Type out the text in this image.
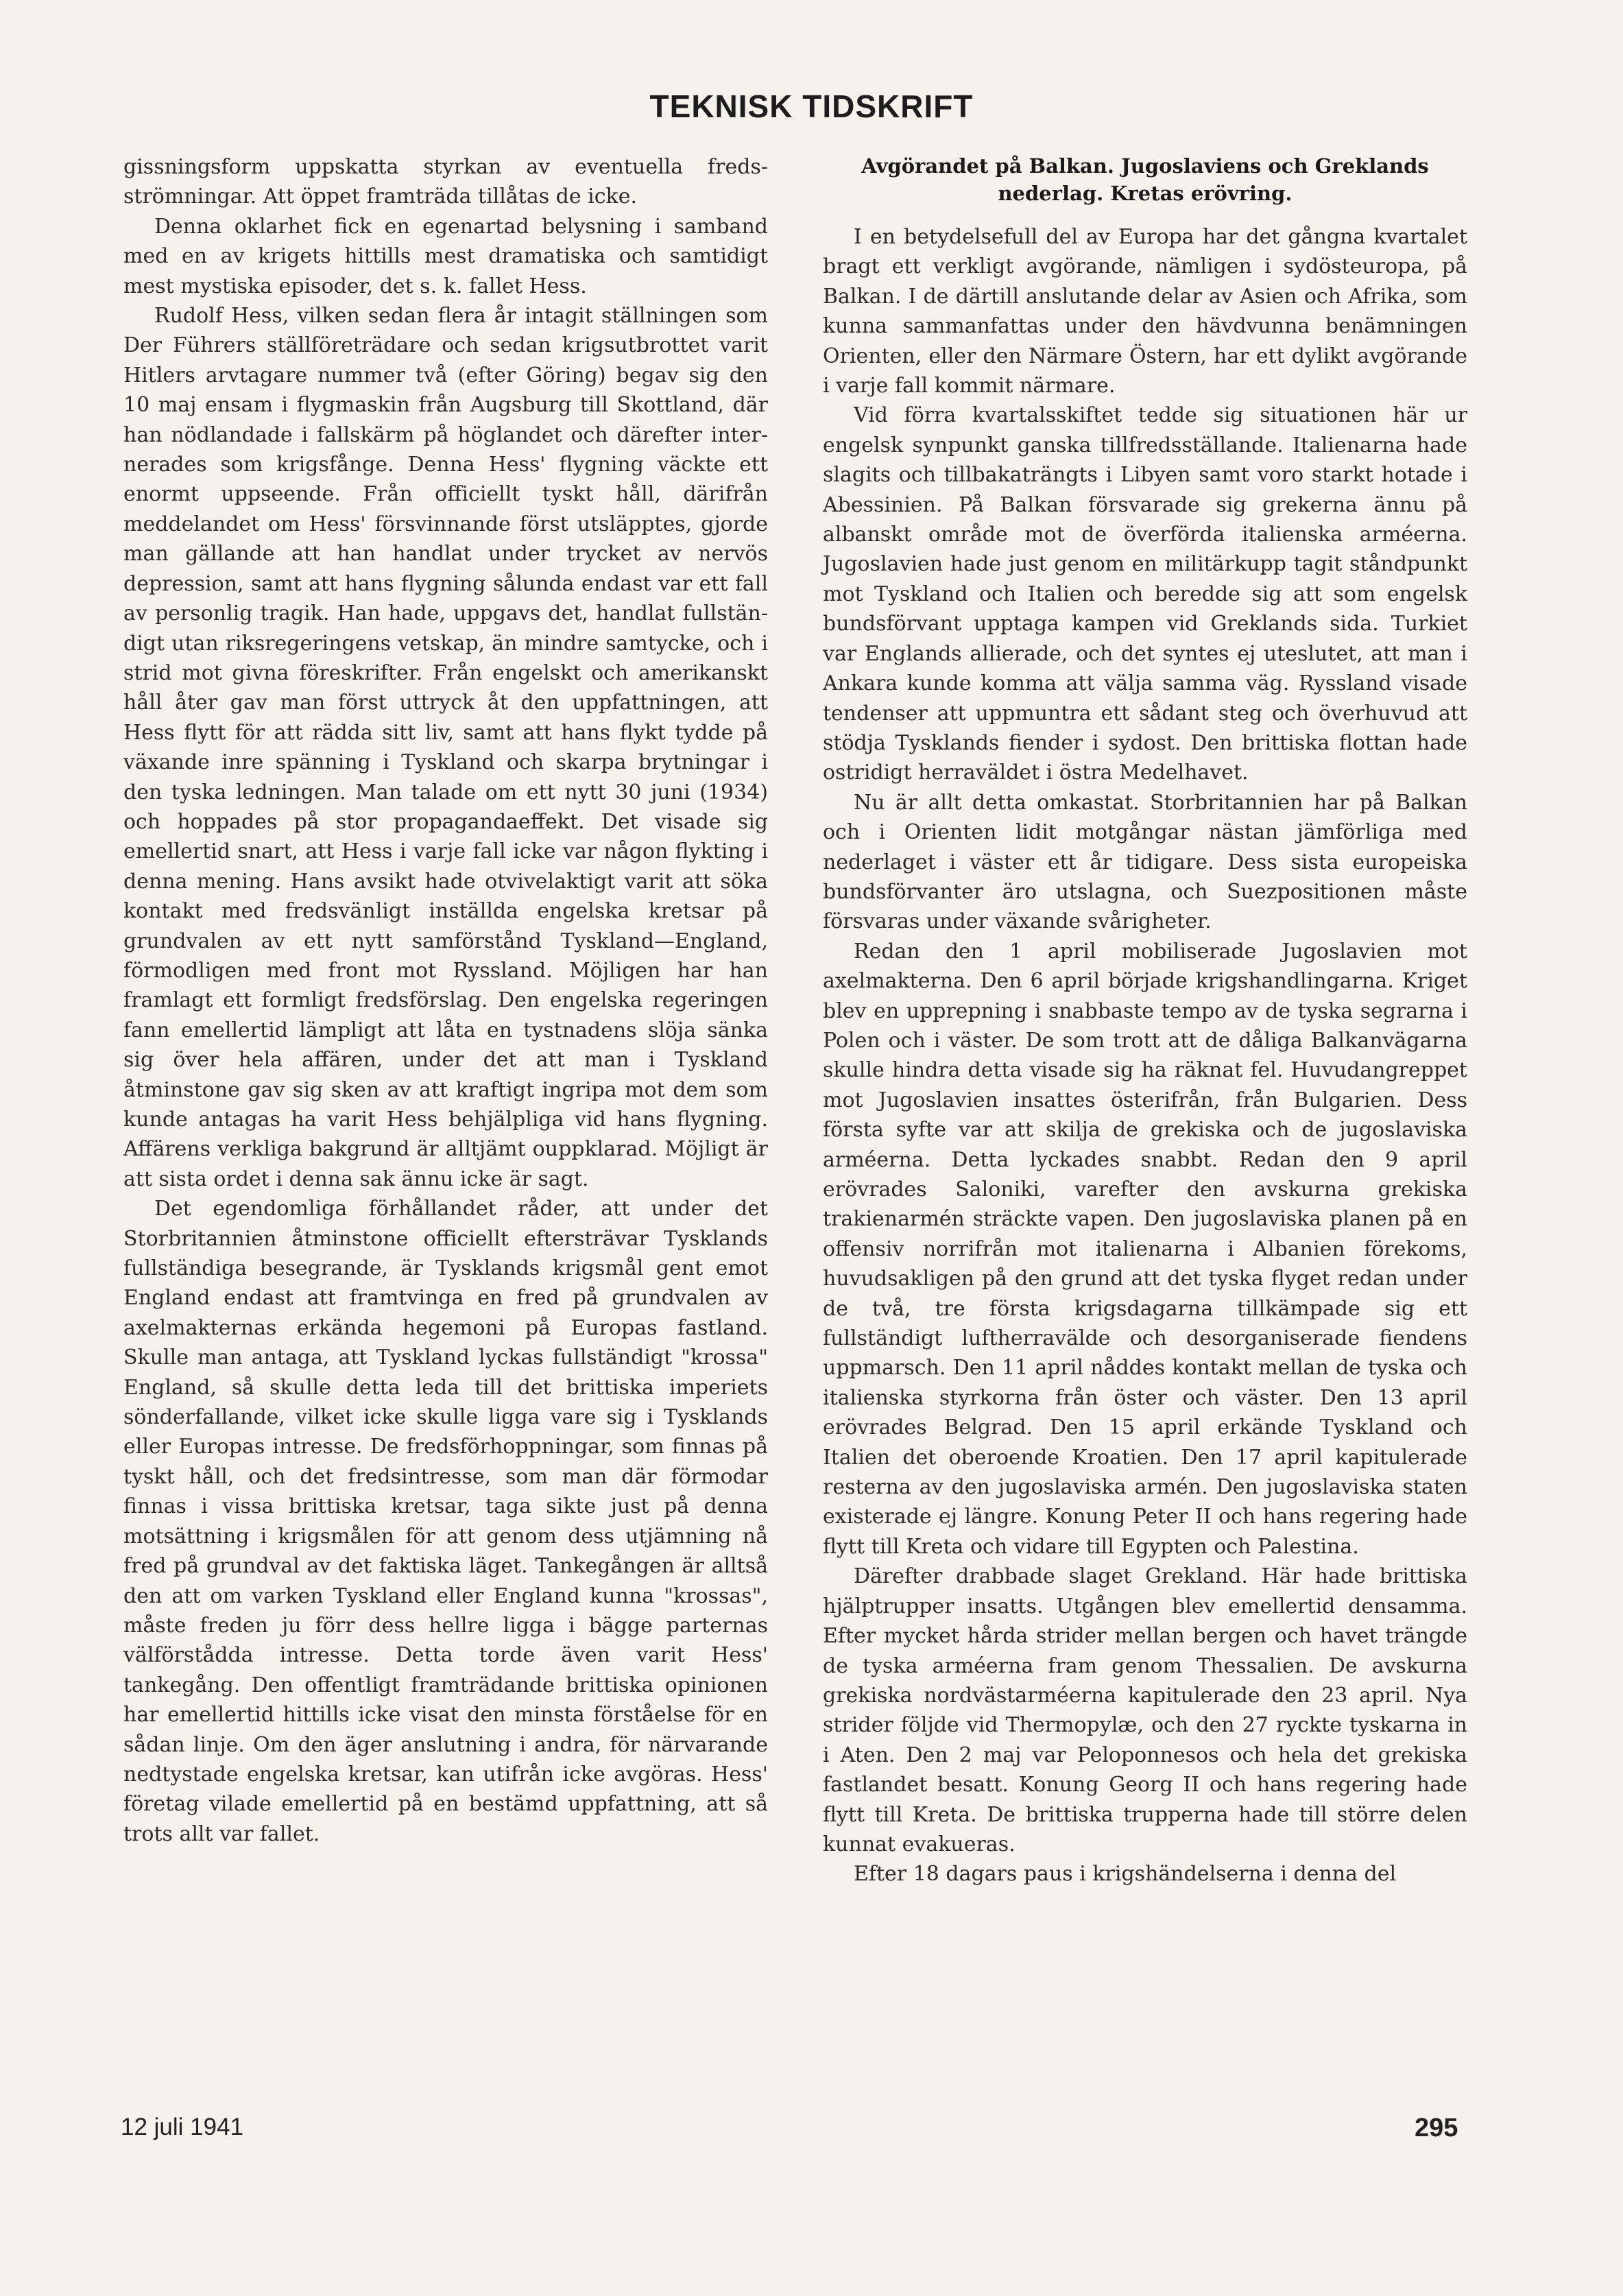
TEKNISK TIDSKRIFT

gissningsform uppskatta styrkan av eventuella fredsströmningar. Att öppet framträda tillåtas de icke.

Denna oklarhet fick en egenartad belysning i samband med en av krigets hittills mest dramatiska och samtidigt mest mystiska episoder, det s. k. fallet Hess.

Rudolf Hess, vilken sedan flera år intagit ställningen som Der Führers ställföreträdare och sedan krigsutbrottet varit Hitlers arvtagare nummer två (efter Göring) begav sig den 10 maj ensam i flygmaskin från Augsburg till Skottland, där han nödlandade i fallskärm på höglandet och därefter internerades som krigsfånge. Denna Hess' flygning väckte ett enormt uppseende. Från officiellt tyskt håll, därifrån meddelandet om Hess' försvinnande först utsläpptes, gjorde man gällande att han handlat under trycket av nervös depression, samt att hans flygning sålunda endast var ett fall av personlig tragik. Han hade, uppgavs det, handlat fullständigt utan riksregeringens vetskap, än mindre samtycke, och i strid mot givna föreskrifter. Från engelskt och amerikanskt håll åter gav man först uttryck åt den uppfattningen, att Hess flytt för att rädda sitt liv, samt att hans flykt tydde på växande inre spänning i Tyskland och skarpa brytningar i den tyska ledningen. Man talade om ett nytt 30 juni (1934) och hoppades på stor propagandaeffekt. Det visade sig emellertid snart, att Hess i varje fall icke var någon flykting i denna mening. Hans avsikt hade otvivelaktigt varit att söka kontakt med fredsvänligt inställda engelska kretsar på grundvalen av ett nytt samförstånd Tyskland—England, förmodligen med front mot Ryssland. Möjligen har han framlagt ett formligt fredsförslag. Den engelska regeringen fann emellertid lämpligt att låta en tystnadens slöja sänka sig över hela affären, under det att man i Tyskland åtminstone gav sig sken av att kraftigt ingripa mot dem som kunde antagas ha varit Hess behjälpliga vid hans flygning. Affärens verkliga bakgrund är alltjämt ouppklarad. Möjligt är att sista ordet i denna sak ännu icke är sagt.

Det egendomliga förhållandet råder, att under det Storbritannien åtminstone officiellt eftersträvar Tysklands fullständiga besegrande, är Tysklands krigsmål gent emot England endast att framtvinga en fred på grundvalen av axelmakternas erkända hegemoni på Europas fastland. Skulle man antaga, att Tyskland lyckas fullständigt "krossa" England, så skulle detta leda till det brittiska imperiets sönderfallande, vilket icke skulle ligga vare sig i Tysklands eller Europas intresse. De fredsförhoppningar, som finnas på tyskt håll, och det fredsintresse, som man där förmodar finnas i vissa brittiska kretsar, taga sikte just på denna motsättning i krigsmålen för att genom dess utjämning nå fred på grundval av det faktiska läget. Tankegången är alltså den att om varken Tyskland eller England kunna "krossas", måste freden ju förr dess hellre ligga i bägge parternas välförstådda intresse. Detta torde även varit Hess' tankegång. Den offentligt framträdande brittiska opinionen har emellertid hittills icke visat den minsta förståelse för en sådan linje. Om den äger anslutning i andra, för närvarande nedtystade engelska kretsar, kan utifrån icke avgöras. Hess' företag vilade emellertid på en bestämd uppfattning, att så trots allt var fallet.

Avgörandet på Balkan. Jugoslaviens och Greklands
nederlag. Kretas erövring.

I en betydelsefull del av Europa har det gångna kvartalet bragt ett verkligt avgörande, nämligen i sydösteuropa, på Balkan. I de därtill anslutande delar av Asien och Afrika, som kunna sammanfattas under den hävdvunna benämningen Orienten, eller den Närmare Östern, har ett dylikt avgörande i varje fall kommit närmare.

Vid förra kvartalsskiftet tedde sig situationen här ur engelsk synpunkt ganska tillfredsställande. Italienarna hade slagits och tillbakaträngts i Libyen samt voro starkt hotade i Abessinien. På Balkan försvarade sig grekerna ännu på albanskt område mot de överförda italienska arméerna. Jugoslavien hade just genom en militärkupp tagit ståndpunkt mot Tyskland och Italien och beredde sig att som engelsk bundsförvant upptaga kampen vid Greklands sida. Turkiet var Englands allierade, och det syntes ej uteslutet, att man i Ankara kunde komma att välja samma väg. Ryssland visade tendenser att uppmuntra ett sådant steg och överhuvud att stödja Tysklands fiender i sydost. Den brittiska flottan hade ostridigt herraväldet i östra Medelhavet.

Nu är allt detta omkastat. Storbritannien har på Balkan och i Orienten lidit motgångar nästan jämförliga med nederlaget i väster ett år tidigare. Dess sista europeiska bundsförvanter äro utslagna, och Suezpositionen måste försvaras under växande svårigheter.

Redan den 1 april mobiliserade Jugoslavien mot axelmakterna. Den 6 april började krigshandlingarna. Kriget blev en upprepning i snabbaste tempo av de tyska segrarna i Polen och i väster. De som trott att de dåliga Balkanvägarna skulle hindra detta visade sig ha räknat fel. Huvudangreppet mot Jugoslavien insattes österifrån, från Bulgarien. Dess första syfte var att skilja de grekiska och de jugoslaviska arméerna. Detta lyckades snabbt. Redan den 9 april erövrades Saloniki, varefter den avskurna grekiska trakienarmén sträckte vapen. Den jugoslaviska planen på en offensiv norrifrån mot italienarna i Albanien förekoms, huvudsakligen på den grund att det tyska flyget redan under de två, tre första krigsdagarna tillkämpade sig ett fullständigt luftherravälde och desorganiserade fiendens uppmarsch. Den 11 april nåddes kontakt mellan de tyska och italienska styrkorna från öster och väster. Den 13 april erövrades Belgrad. Den 15 april erkände Tyskland och Italien det oberoende Kroatien. Den 17 april kapitulerade resterna av den jugoslaviska armén. Den jugoslaviska staten existerade ej längre. Konung Peter II och hans regering hade flytt till Kreta och vidare till Egypten och Palestina.

Därefter drabbade slaget Grekland. Här hade brittiska hjälptrupper insatts. Utgången blev emellertid densamma. Efter mycket hårda strider mellan bergen och havet trängde de tyska arméerna fram genom Thessalien. De avskurna grekiska nordvästarméerna kapitulerade den 23 april. Nya strider följde vid Thermopylæ, och den 27 ryckte tyskarna in i Aten. Den 2 maj var Peloponnesos och hela det grekiska fastlandet besatt. Konung Georg II och hans regering hade flytt till Kreta. De brittiska trupperna hade till större delen kunnat evakueras.

Efter 18 dagars paus i krigshändelserna i denna del

12 juli 1941	295
